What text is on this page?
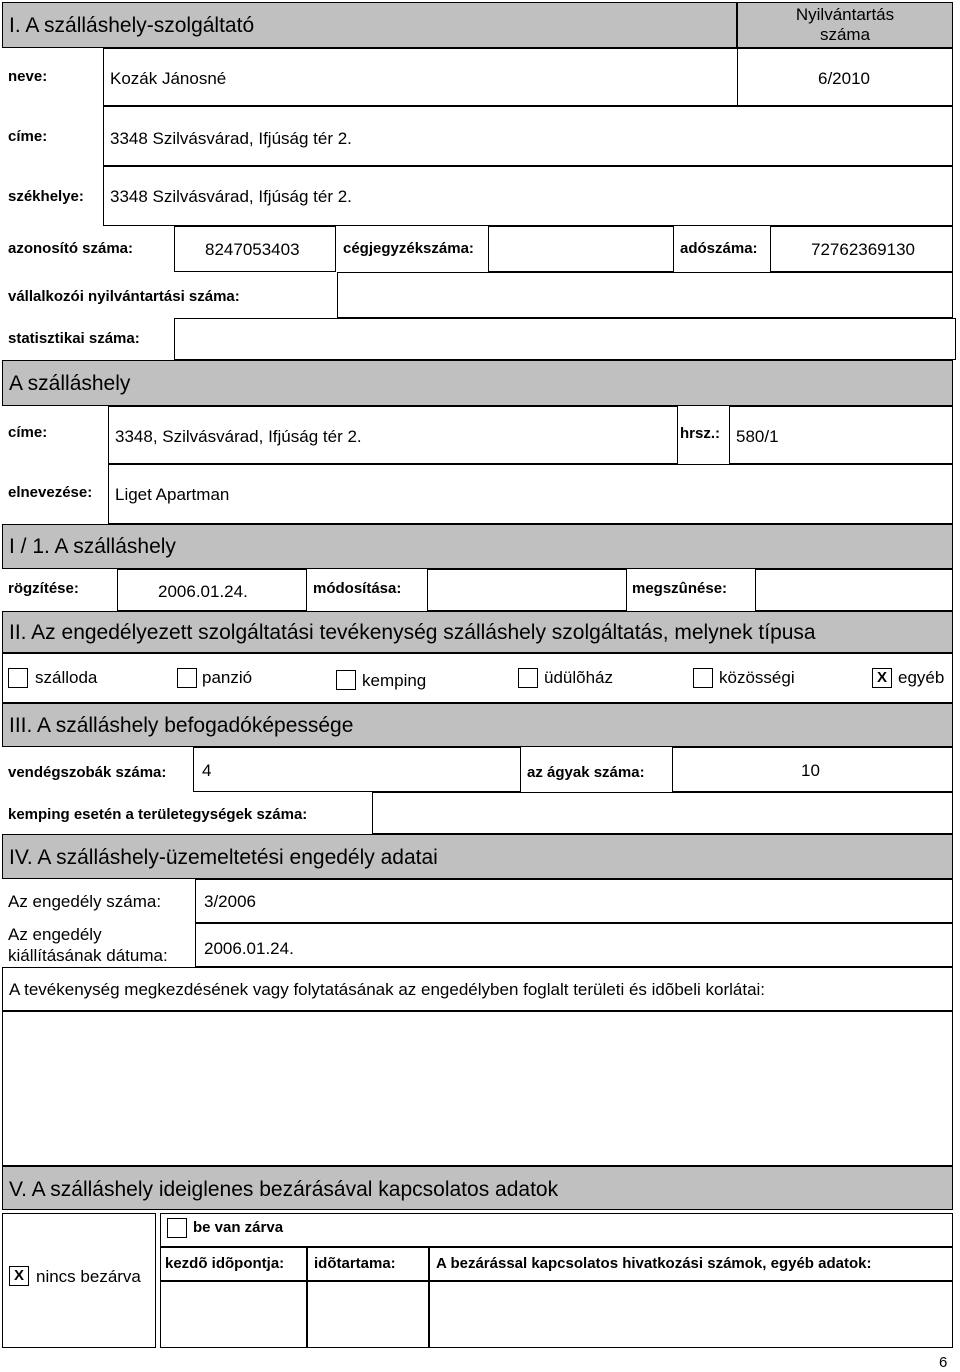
I. A szálláshely-szolgáltató	Nyilvántartás
száma
neve:	Kozák Jánosné	6/2010
címe:	3348 Szilvásvárad, Ifjúság tér 2.
székhelye: 3348 Szilvásvárad, Ifjúság tér 2.
azonosító száma:	8247053403	cégjegyzékszáma:	adószáma:	72762369130
vállalkozói nyilvántartási száma:
statisztikai száma:
A szálláshely
címe:	3348, Szilvásvárad, Ifjúság tér 2.	hrsz.: 580/1
elnevezése: Liget Apartman
I / 1. A szálláshely
rögzítése:	2006.01.24.	módosítása:	megszûnése:
II. Az engedélyezett szolgáltatási tevékenység szálláshely szolgáltatás, melynek típusa
szálloda	panzió	kemping	üdülõház	közösségi	X egyéb
III. A szálláshely befogadóképessége
vendégszobák száma: 4	az ágyak száma:	10
kemping esetén a területegységek száma:
IV. A szálláshely-üzemeltetési engedély adatai
Az engedély száma:	3/2006
Az engedély
kiállításának dátuma: 2006.01.24.
A tevékenység megkezdésének vagy folytatásának az engedélyben foglalt területi és idõbeli korlátai:
V. A szálláshely ideiglenes bezárásával kapcsolatos adatok
X nincs bezárva
be van zárva
kezdõ idõpontja: idõtartama:	A bezárással kapcsolatos hivatkozási számok, egyéb adatok:
6
